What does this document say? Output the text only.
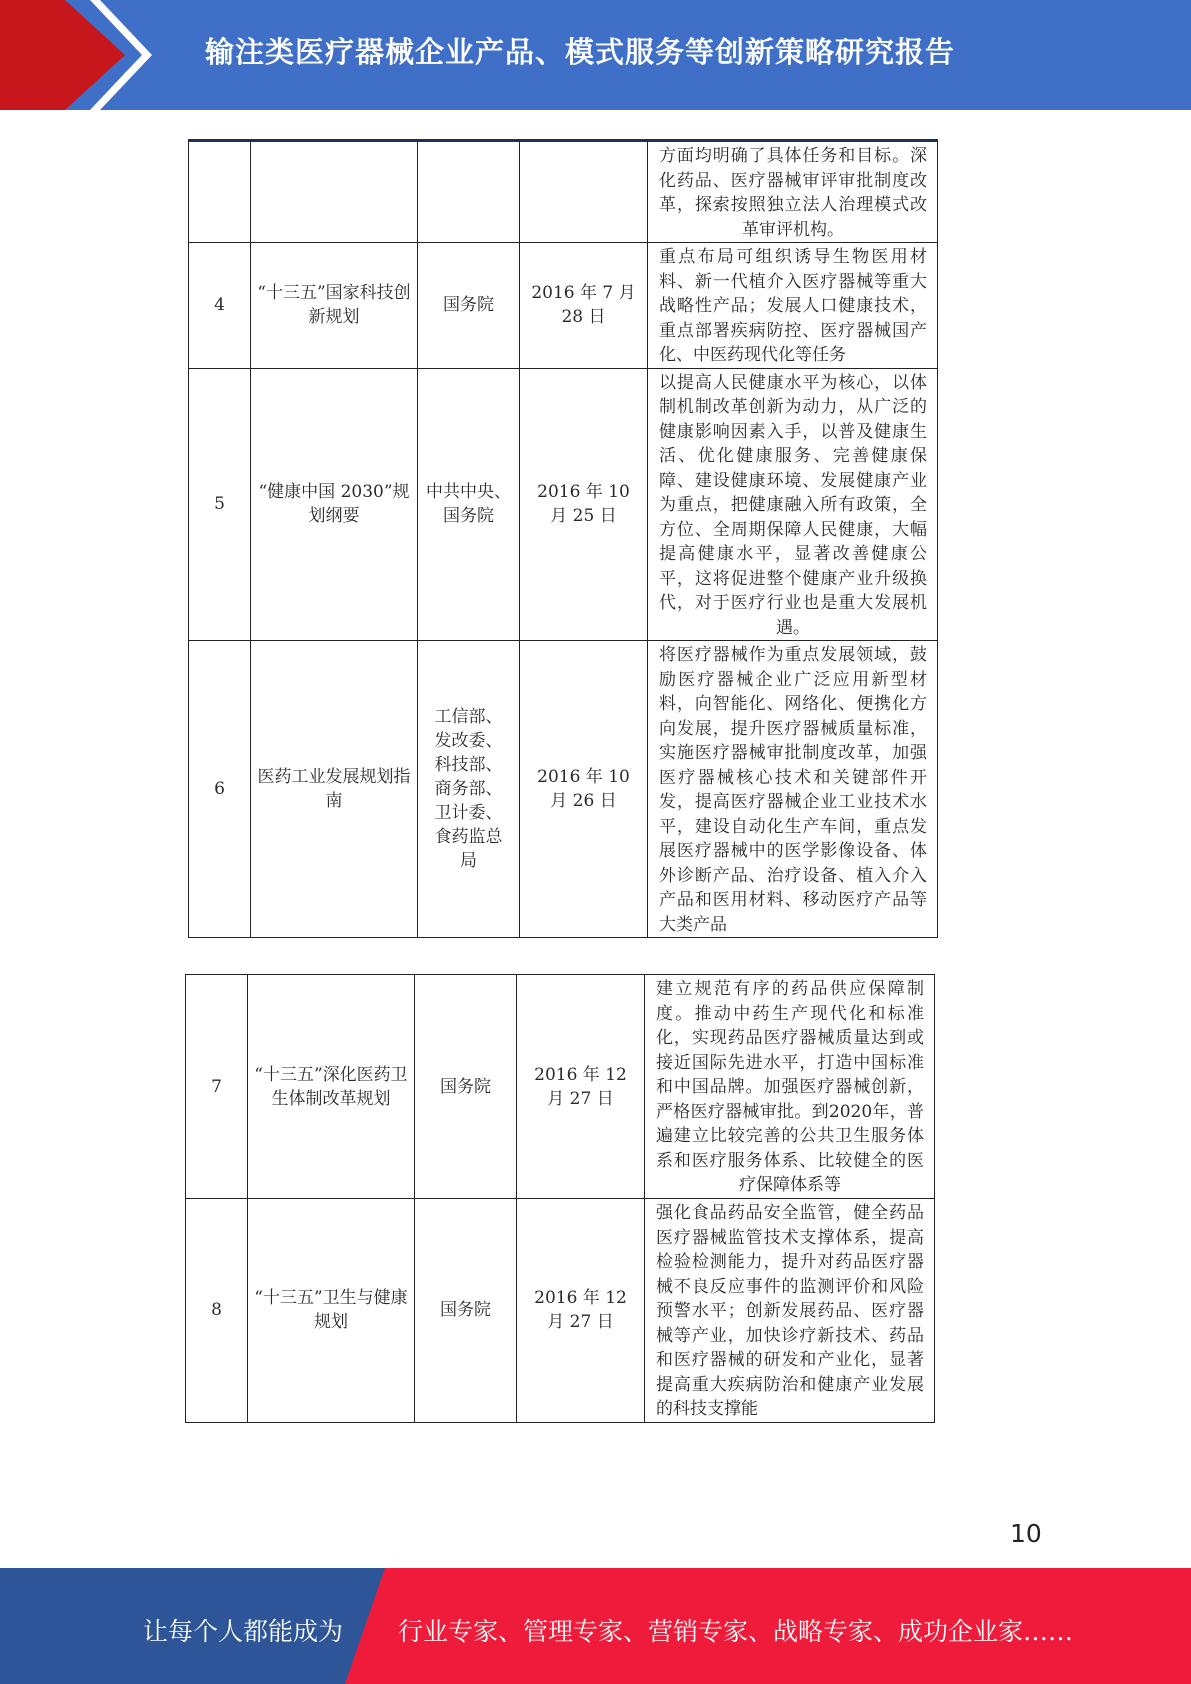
输注类医疗器械企业产品、模式服务等创新策略研究报告

				方面均明确了具体任务和目标。深化药品、医疗器械审评审批制度改革，探索按照独立法人治理模式改革审评机构。

4	“十三五”国家科技创新规划	国务院	2016 年 7 月 28 日	重点布局可组织诱导生物医用材料、新一代植介入医疗器械等重大战略性产品；发展人口健康技术，重点部署疾病防控、医疗器械国产化、中医药现代化等任务

5	“健康中国 2030”规划纲要	中共中央、国务院	2016 年 10 月 25 日	以提高人民健康水平为核心，以体制机制改革创新为动力，从广泛的健康影响因素入手，以普及健康生活、优化健康服务、完善健康保障、建设健康环境、发展健康产业为重点，把健康融入所有政策，全方位、全周期保障人民健康，大幅提高健康水平，显著改善健康公平，这将促进整个健康产业升级换代，对于医疗行业也是重大发展机遇。

6	医药工业发展规划指南	工信部、发改委、科技部、商务部、卫计委、食药监总局	2016 年 10 月 26 日	将医疗器械作为重点发展领域，鼓励医疗器械企业广泛应用新型材料，向智能化、网络化、便携化方向发展，提升医疗器械质量标准，实施医疗器械审批制度改革，加强医疗器械核心技术和关键部件开发，提高医疗器械企业工业技术水平，建设自动化生产车间，重点发展医疗器械中的医学影像设备、体外诊断产品、治疗设备、植入介入产品和医用材料、移动医疗产品等大类产品
7	“十三五”深化医药卫生体制改革规划	国务院	2016 年 12 月 27 日	建立规范有序的药品供应保障制度。推动中药生产现代化和标准化，实现药品医疗器械质量达到或接近国际先进水平，打造中国标准和中国品牌。加强医疗器械创新，严格医疗器械审批。到2020年，普遍建立比较完善的公共卫生服务体系和医疗服务体系、比较健全的医疗保障体系等

8	“十三五”卫生与健康规划	国务院	2016 年 12 月 27 日	强化食品药品安全监管，健全药品医疗器械监管技术支撑体系，提高检验检测能力，提升对药品医疗器械不良反应事件的监测评价和风险预警水平；创新发展药品、医疗器械等产业，加快诊疗新技术、药品和医疗器械的研发和产业化，显著提高重大疾病防治和健康产业发展的科技支撑能
10
让每个人都能成为 行业专家、管理专家、营销专家、战略专家、成功企业家……
